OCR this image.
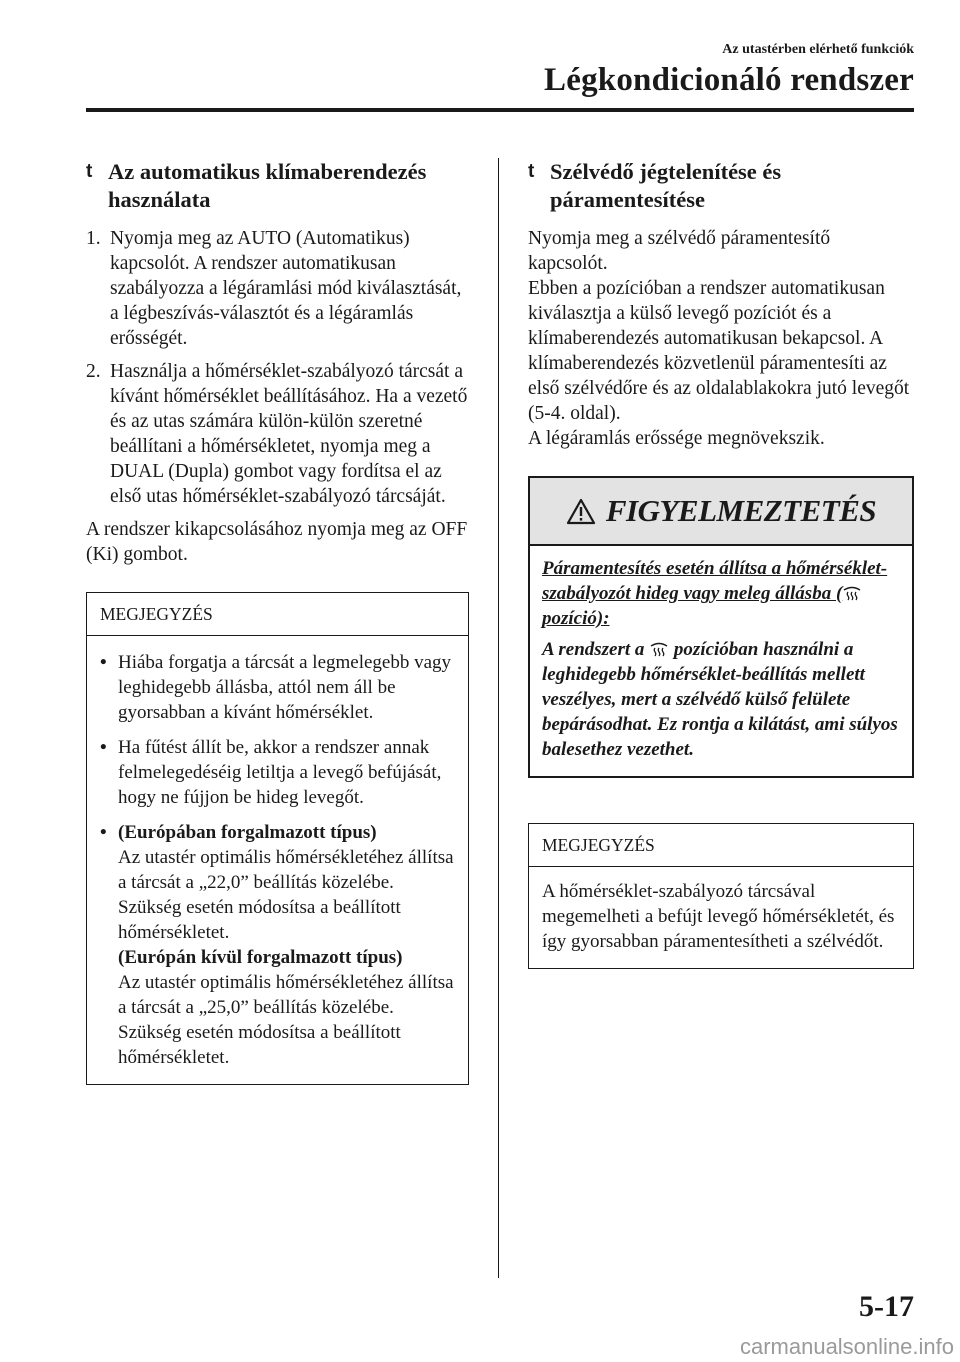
Az utastérben elérhető funkciók
Légkondicionáló rendszer
t Az automatikus klímaberendezés használata
1. Nyomja meg az AUTO (Automatikus) kapcsolót. A rendszer automatikusan szabályozza a légáramlási mód kiválasztását, a légbeszívás-választót és a légáramlás erősségét.
2. Használja a hőmérséklet-szabályozó tárcsát a kívánt hőmérséklet beállításához. Ha a vezető és az utas számára külön-külön szeretné beállítani a hőmérsékletet, nyomja meg a DUAL (Dupla) gombot vagy fordítsa el az első utas hőmérséklet-szabályozó tárcsáját.
A rendszer kikapcsolásához nyomja meg az OFF (Ki) gombot.
MEGJEGYZÉS
• Hiába forgatja a tárcsát a legmelegebb vagy leghidegebb állásba, attól nem áll be gyorsabban a kívánt hőmérséklet.
• Ha fűtést állít be, akkor a rendszer annak felmelegedéséig letiltja a levegő befújását, hogy ne fújjon be hideg levegőt.
• (Európában forgalmazott típus)
Az utastér optimális hőmérsékletéhez állítsa a tárcsát a „22,0” beállítás közelébe. Szükség esetén módosítsa a beállított hőmérsékletet.
(Európán kívül forgalmazott típus)
Az utastér optimális hőmérsékletéhez állítsa a tárcsát a „25,0” beállítás közelébe. Szükség esetén módosítsa a beállított hőmérsékletet.
t Szélvédő jégtelenítése és páramentesítése
Nyomja meg a szélvédő páramentesítő kapcsolót.
Ebben a pozícióban a rendszer automatikusan kiválasztja a külső levegő pozíciót és a klímaberendezés automatikusan bekapcsol. A klímaberendezés közvetlenül páramentesíti az első szélvédőre és az oldalablakokra jutó levegőt (5-4. oldal).
A légáramlás erőssége megnövekszik.
FIGYELMEZTETÉS
Páramentesítés esetén állítsa a hőmérséklet-szabályozót hideg vagy meleg állásba ( pozíció):
A rendszert a  pozícióban használni a leghidegebb hőmérséklet-beállítás mellett veszélyes, mert a szélvédő külső felülete bepárásodhat. Ez rontja a kilátást, ami súlyos balesethez vezethet.
MEGJEGYZÉS
A hőmérséklet-szabályozó tárcsával megemelheti a befújt levegő hőmérsékletét, és így gyorsabban páramentesítheti a szélvédőt.
5-17
carmanualsonline.info
